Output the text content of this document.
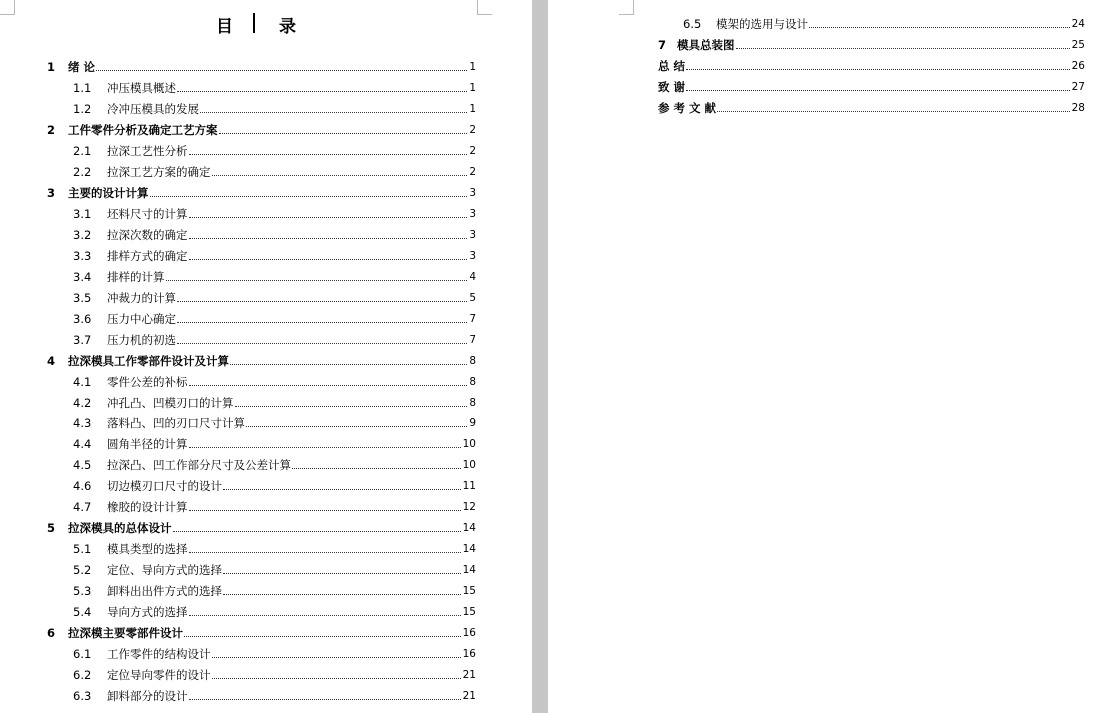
目 录
1	绪 论	1
1.1	冲压模具概述	1
1.2	冷冲压模具的发展	1
2	工件零件分析及确定工艺方案	2
2.1	拉深工艺性分析	2
2.2	拉深工艺方案的确定	2
3	主要的设计计算	3
3.1	坯料尺寸的计算	3
3.2	拉深次数的确定	3
3.3	排样方式的确定	3
3.4	排样的计算	4
3.5	冲裁力的计算	5
3.6	压力中心确定	7
3.7	压力机的初选	7
4	拉深模具工作零部件设计及计算	8
4.1	零件公差的补标	8
4.2	冲孔凸、凹模刃口的计算	8
4.3	落料凸、凹的刃口尺寸计算	9
4.4	圆角半径的计算	10
4.5	拉深凸、凹工作部分尺寸及公差计算	10
4.6	切边模刃口尺寸的设计	11
4.7	橡胶的设计计算	12
5	拉深模具的总体设计	14
5.1	模具类型的选择	14
5.2	定位、导向方式的选择	14
5.3	卸料出出件方式的选择	15
5.4	导向方式的选择	15
6	拉深模主要零部件设计	16
6.1	工作零件的结构设计	16
6.2	定位导向零件的设计	21
6.3	卸料部分的设计	21
6.5	模架的选用与设计	24
7 模具总装图	25
总 结	26
致 谢	27
参 考 文 献	28
